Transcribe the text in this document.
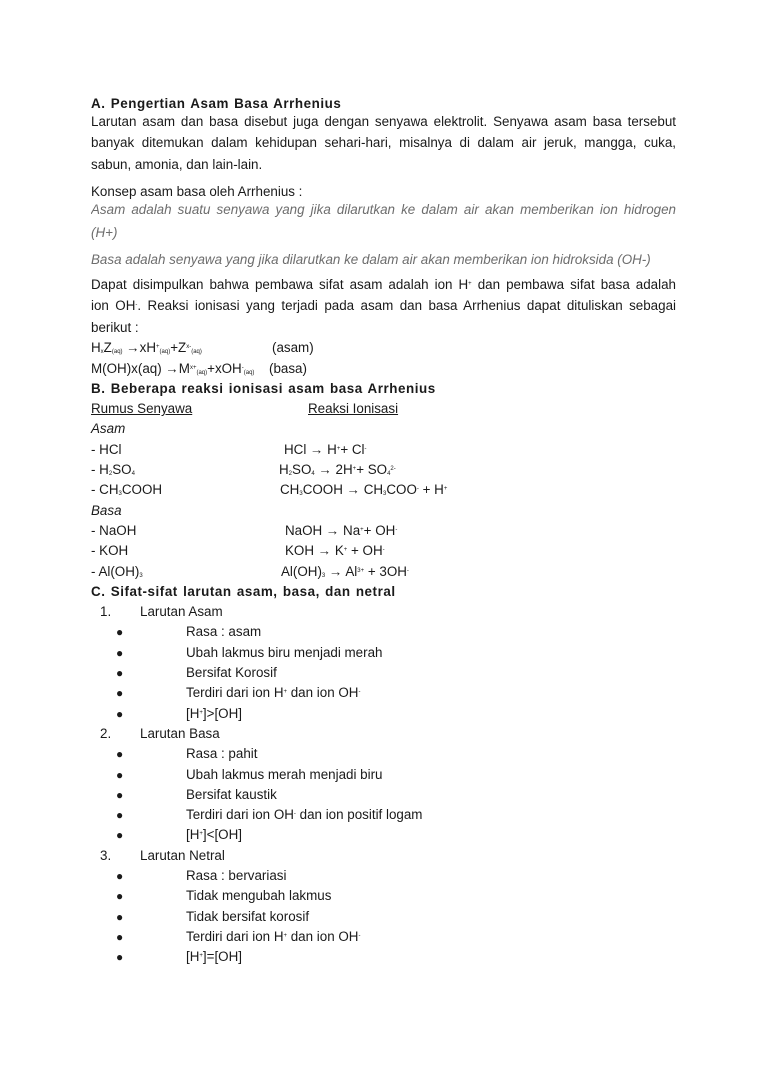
A. Pengertian Asam Basa Arrhenius
Larutan asam dan basa disebut juga dengan senyawa elektrolit. Senyawa asam basa tersebut
banyak ditemukan dalam kehidupan sehari-hari, misalnya di dalam air jeruk, mangga, cuka,
sabun, amonia, dan lain-lain.
Konsep asam basa oleh Arrhenius :
Asam adalah suatu senyawa yang jika dilarutkan ke dalam air akan memberikan ion hidrogen
(H+)
Basa adalah senyawa yang jika dilarutkan ke dalam air akan memberikan ion hidroksida (OH-)
Dapat disimpulkan bahwa pembawa sifat asam adalah ion H+ dan pembawa sifat basa adalah
ion OH-. Reaksi ionisasi yang terjadi pada asam dan basa Arrhenius dapat dituliskan sebagai
berikut :
$H_xZ_{(aq)} \to xH^+_{(aq)}+Z^{x-}_{(aq)}$	(asam)
$M(OH)x(aq) \to M^{x+}_{(aq)}+xOH^-_{(aq)}$ (basa)
B. Beberapa reaksi ionisasi asam basa Arrhenius
Rumus Senyawa	Reaksi Ionisasi
Asam
- HCl	HCl → H++ Cl-
- $H_2SO_4$	$H_2SO_4 \to 2H^++ SO_4^{2-}$
- $CH_3COOH$	$CH_3COOH \to CH_3COO^- + H^+$
Basa
- NaOH	NaOH → Na++ OH-
- KOH	KOH → K+ + OH-
- $Al(OH)_3$	$Al(OH)_3 \to Al^{3+} + 3OH^-$
C. Sifat-sifat larutan asam, basa, dan netral
1. Larutan Asam
●	Rasa : asam
●	Ubah lakmus biru menjadi merah
●	Bersifat Korosif
●	Terdiri dari ion H+ dan ion OH-
●	[H+]>[OH]
2. Larutan Basa
●	Rasa : pahit
●	Ubah lakmus merah menjadi biru
●	Bersifat kaustik
●	Terdiri dari ion OH- dan ion positif logam
●	[H+]<[OH]
3. Larutan Netral
●	Rasa : bervariasi
●	Tidak mengubah lakmus
●	Tidak bersifat korosif
●	Terdiri dari ion H+ dan ion OH-
●	[H+]=[OH]
